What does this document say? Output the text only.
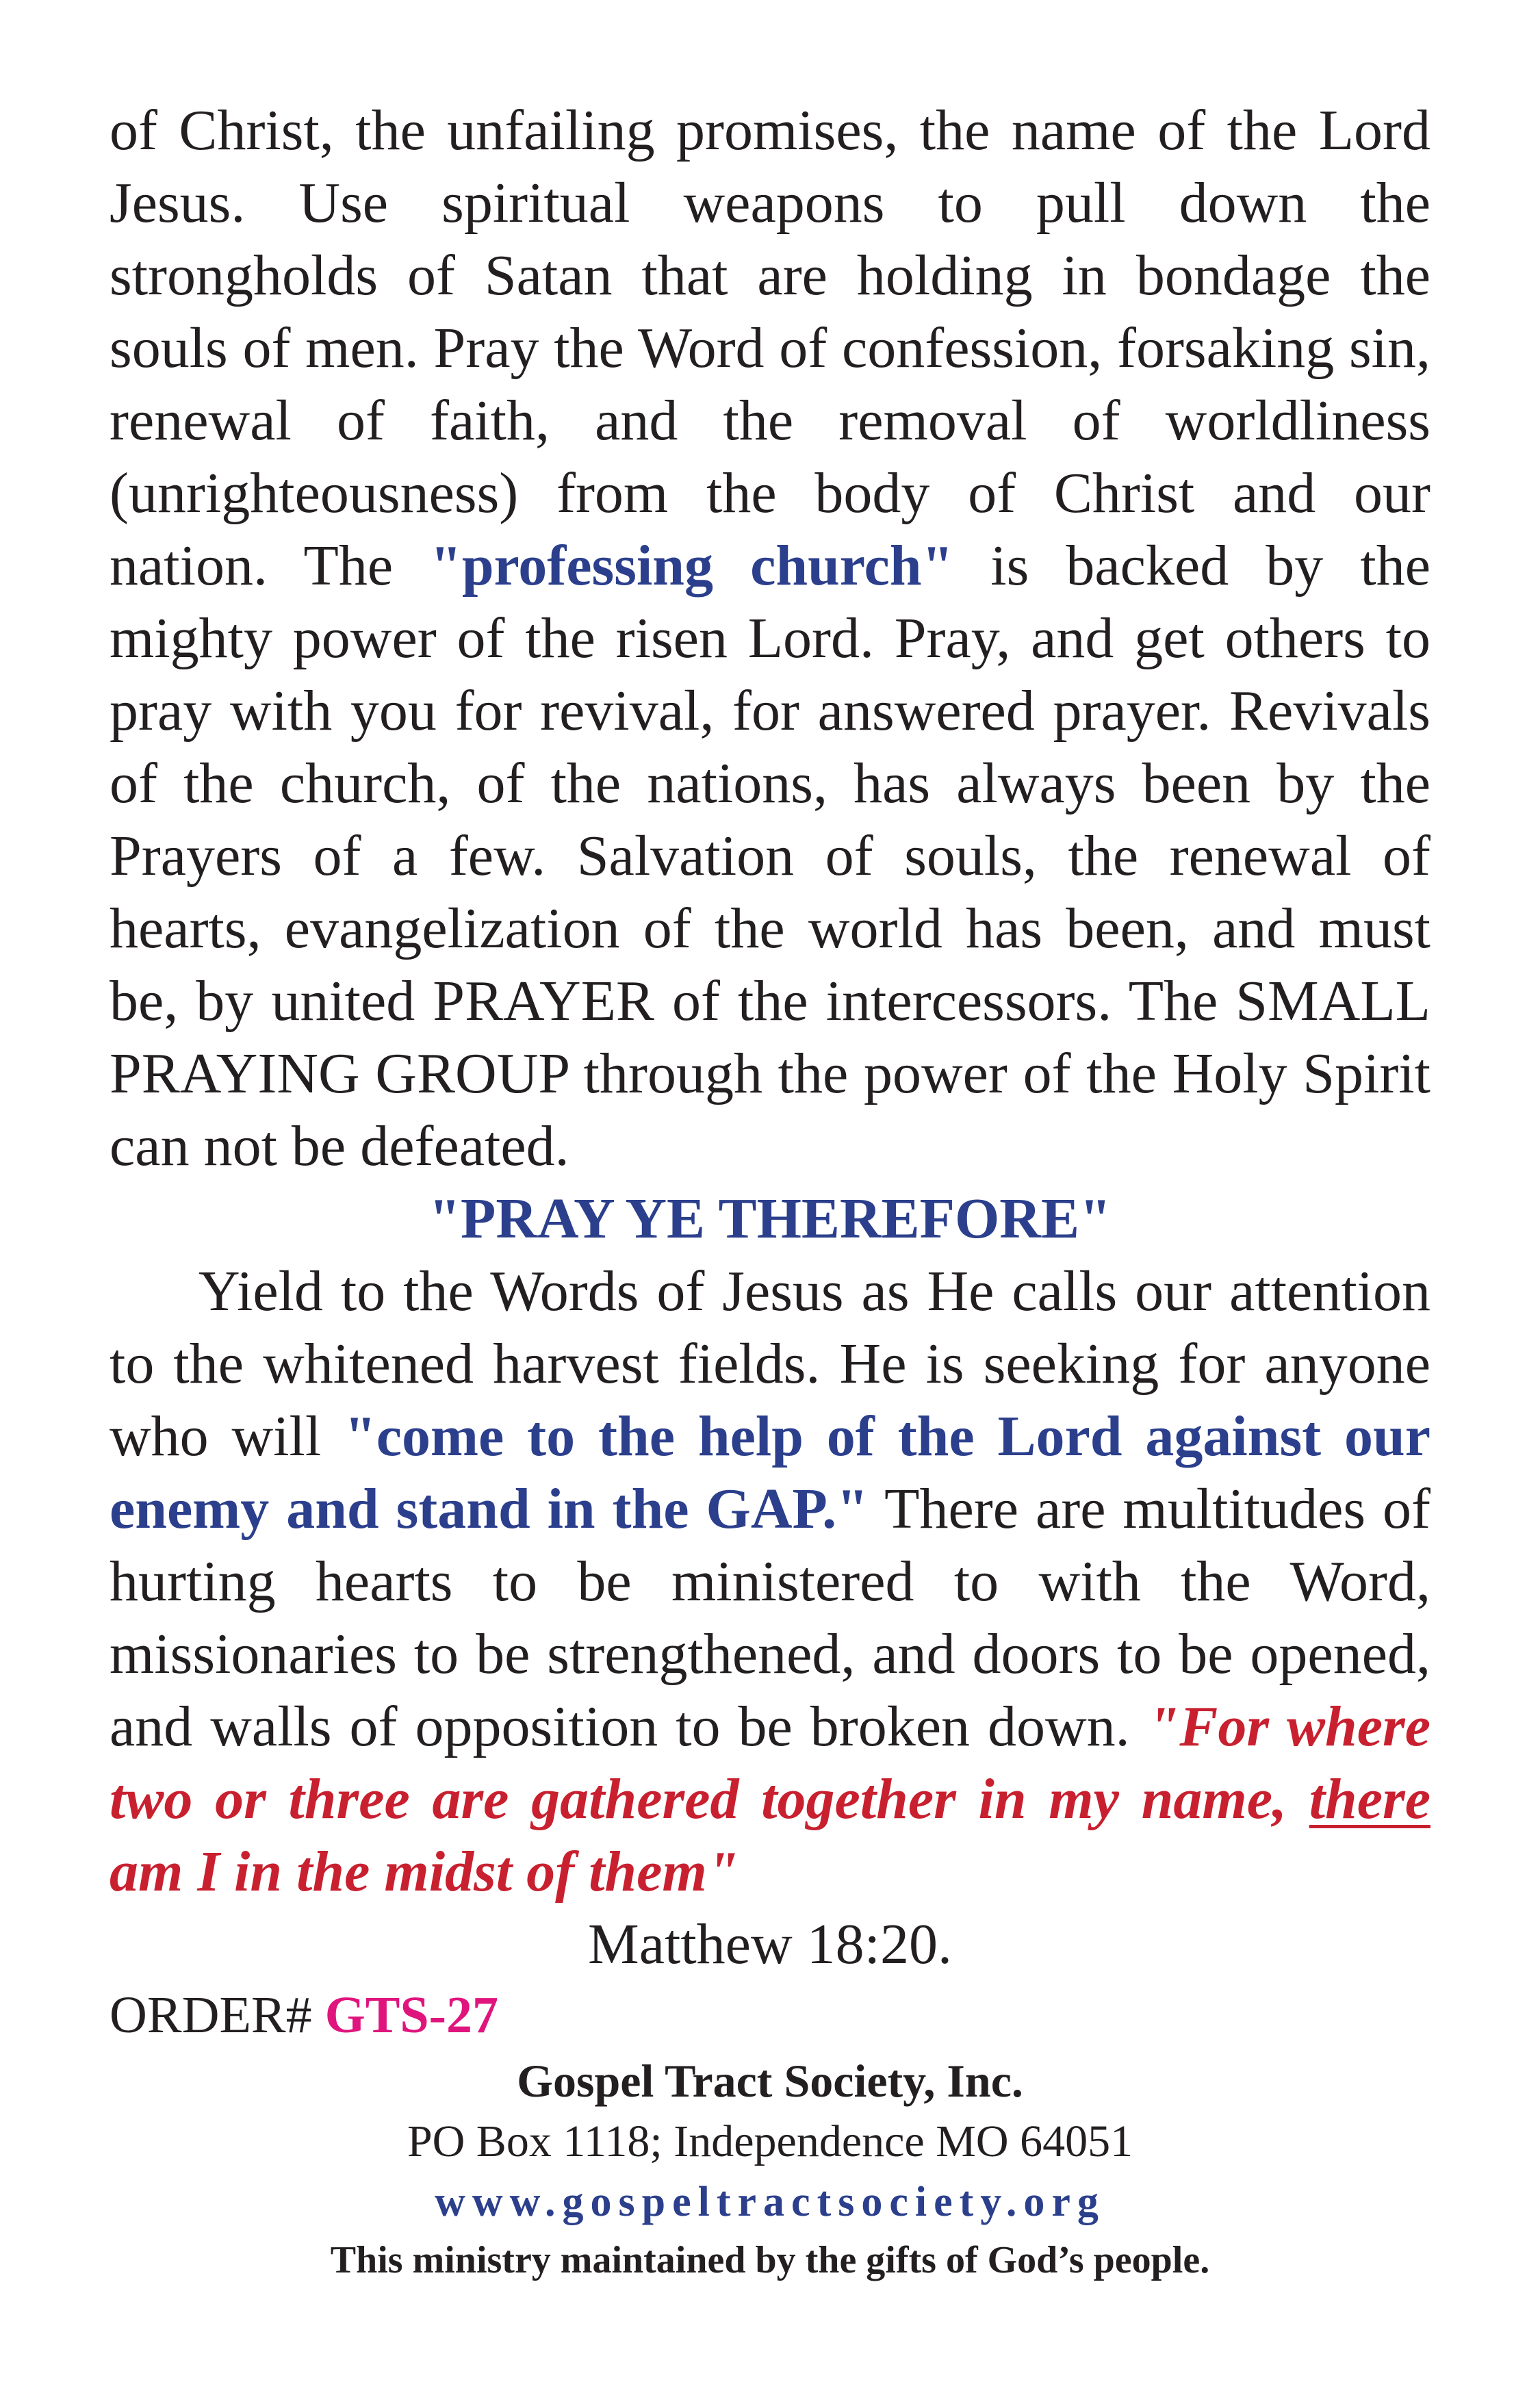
of Christ, the unfailing promises, the name of the Lord Jesus. Use spiritual weapons to pull down the strongholds of Satan that are holding in bondage the souls of men. Pray the Word of confession, forsaking sin, renewal of faith, and the removal of worldliness (unrighteousness) from the body of Christ and our nation. The "professing church" is backed by the mighty power of the risen Lord. Pray, and get others to pray with you for revival, for answered prayer. Revivals of the church, of the nations, has always been by the Prayers of a few. Salvation of souls, the renewal of hearts, evangelization of the world has been, and must be, by united PRAYER of the intercessors. The SMALL PRAYING GROUP through the power of the Holy Spirit can not be defeated.

"PRAY YE THEREFORE"

Yield to the Words of Jesus as He calls our attention to the whitened harvest fields. He is seeking for anyone who will "come to the help of the Lord against our enemy and stand in the GAP." There are multitudes of hurting hearts to be ministered to with the Word, missionaries to be strengthened, and doors to be opened, and walls of opposition to be broken down. "For where two or three are gathered together in my name, there am I in the midst of them"

Matthew 18:20.

ORDER# GTS-27

Gospel Tract Society, Inc.

PO Box 1118; Independence MO 64051

www.gospeltractsociety.org

This ministry maintained by the gifts of God’s people.
